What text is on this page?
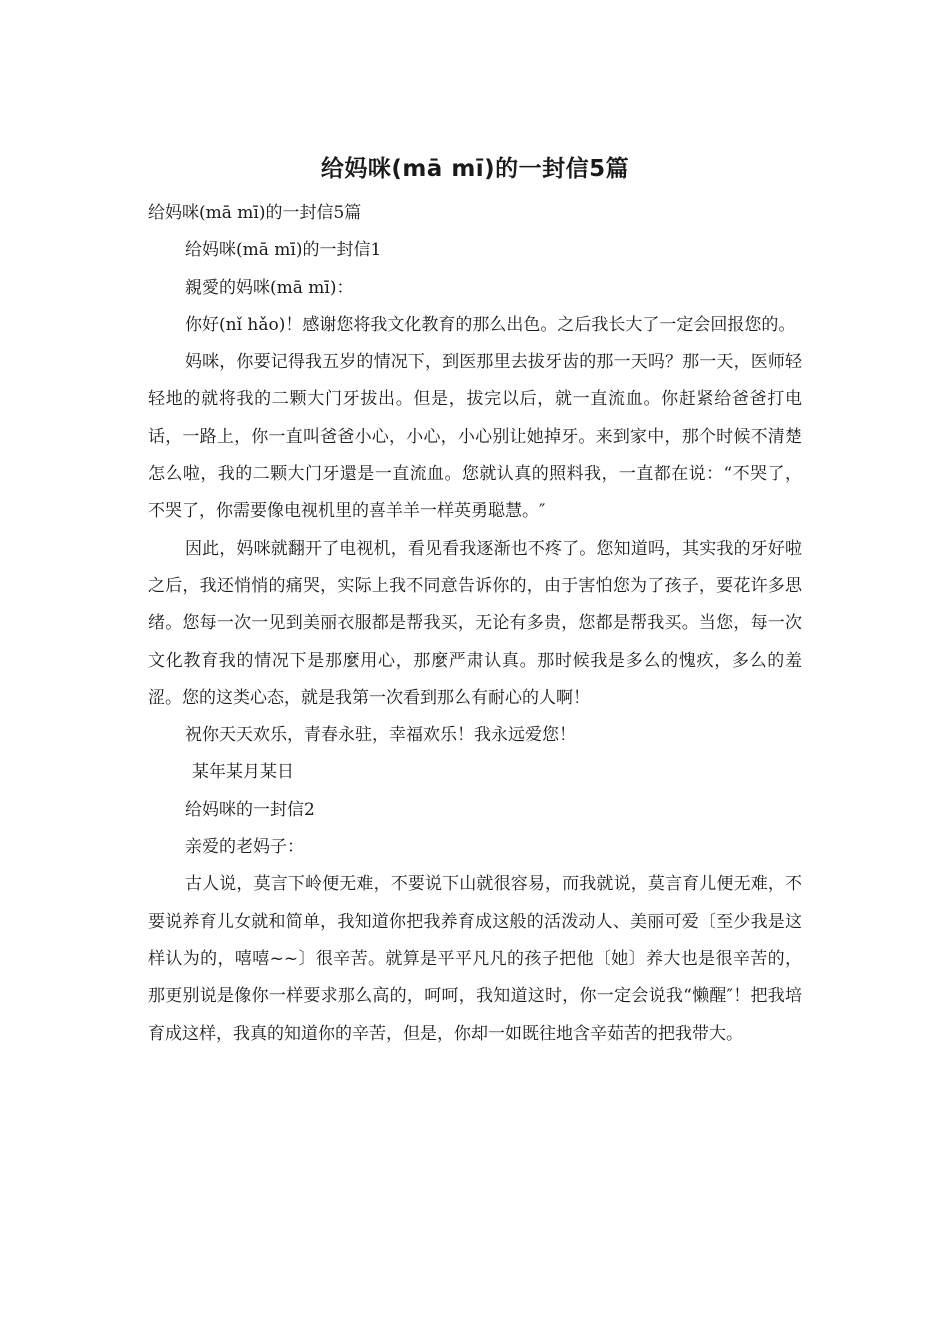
给妈咪(mā mī)的一封信5篇

给妈咪(mā mī)的一封信5篇

给妈咪(mā mī)的一封信1

親愛的妈咪(mā mī)：

你好(nǐ hǎo)！感谢您将我文化教育的那么出色。之后我长大了一定会回报您的。

妈咪，你要记得我五岁的情况下，到医那里去拔牙齿的那一天吗？那一天，医师轻轻地的就将我的二颗大门牙拔出。但是，拔完以后，就一直流血。你赶紧给爸爸打电话，一路上，你一直叫爸爸小心，小心，小心别让她掉牙。来到家中，那个时候不清楚怎么啦，我的二颗大门牙還是一直流血。您就认真的照料我，一直都在说：“不哭了，不哭了，你需要像电视机里的喜羊羊一样英勇聪慧。″

因此，妈咪就翻开了电视机，看见看我逐渐也不疼了。您知道吗，其实我的牙好啦之后，我还悄悄的痛哭，实际上我不同意告诉你的，由于害怕您为了孩子，要花许多思绪。您每一次一见到美丽衣服都是帮我买，无论有多贵，您都是帮我买。当您，每一次文化教育我的情况下是那麼用心，那麼严肃认真。那时候我是多么的愧疚，多么的羞涩。您的这类心态，就是我第一次看到那么有耐心的人啊！

祝你天天欢乐，青春永驻，幸福欢乐！我永远爱您！

某年某月某日

给妈咪的一封信2

亲爱的老妈子：

古人说，莫言下岭便无难，不要说下山就很容易，而我就说，莫言育儿便无难，不要说养育儿女就和简单，我知道你把我养育成这般的活泼动人、美丽可爱〔至少我是这样认为的，嘻嘻~~〕很辛苦。就算是平平凡凡的孩子把他〔她〕养大也是很辛苦的，那更别说是像你一样要求那么高的，呵呵，我知道这时，你一定会说我“懒醒″！把我培育成这样，我真的知道你的辛苦，但是，你却一如既往地含辛茹苦的把我带大。
